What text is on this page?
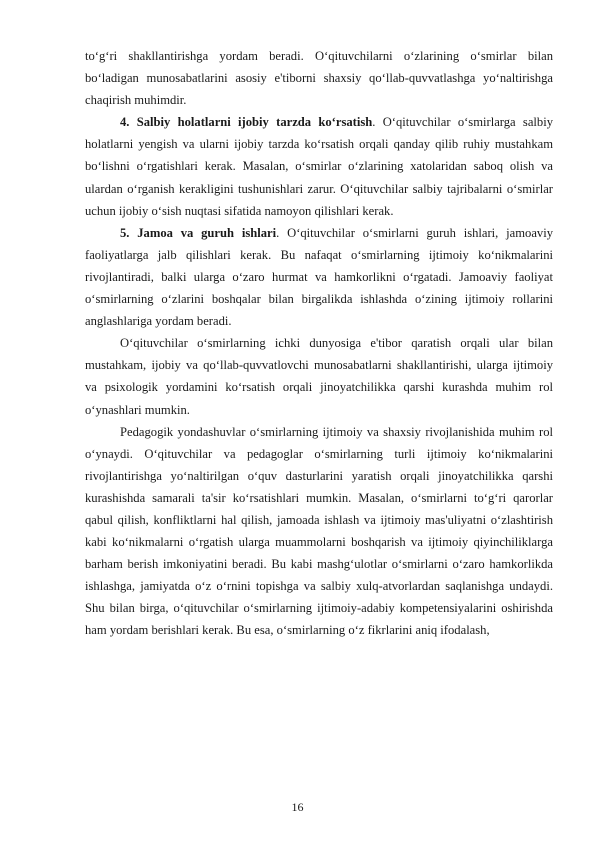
to‘g‘ri shakllantirishga yordam beradi. O‘qituvchilarni o‘zlarining o‘smirlar bilan bo‘ladigan munosabatlarini asosiy e'tiborni shaxsiy qo‘llab-quvvatlashga yo‘naltirishga chaqirish muhimdir.

4. Salbiy holatlarni ijobiy tarzda ko‘rsatish. O‘qituvchilar o‘smirlarga salbiy holatlarni yengish va ularni ijobiy tarzda ko‘rsatish orqali qanday qilib ruhiy mustahkam bo‘lishni o‘rgatishlari kerak. Masalan, o‘smirlar o‘zlarining xatolaridan saboq olish va ulardan o‘rganish kerakligini tushunishlari zarur. O‘qituvchilar salbiy tajribalarni o‘smirlar uchun ijobiy o‘sish nuqtasi sifatida namoyon qilishlari kerak.

5. Jamoa va guruh ishlari. O‘qituvchilar o‘smirlarni guruh ishlari, jamoaviy faoliyatlarga jalb qilishlari kerak. Bu nafaqat o‘smirlarning ijtimoiy ko‘nikmalarini rivojlantiradi, balki ularga o‘zaro hurmat va hamkorlikni o‘rgatadi. Jamoaviy faoliyat o‘smirlarning o‘zlarini boshqalar bilan birgalikda ishlashda o‘zining ijtimoiy rollarini anglashlariga yordam beradi.

O‘qituvchilar o‘smirlarning ichki dunyosiga e'tibor qaratish orqali ular bilan mustahkam, ijobiy va qo‘llab-quvvatlovchi munosabatlarni shakllantirishi, ularga ijtimoiy va psixologik yordamini ko‘rsatish orqali jinoyatchilikka qarshi kurashda muhim rol o‘ynashlari mumkin.

Pedagogik yondashuvlar o‘smirlarning ijtimoiy va shaxsiy rivojlanishida muhim rol o‘ynaydi. O‘qituvchilar va pedagoglar o‘smirlarning turli ijtimoiy ko‘nikmalarini rivojlantirishga yo‘naltirilgan o‘quv dasturlarini yaratish orqali jinoyatchilikka qarshi kurashishda samarali ta'sir ko‘rsatishlari mumkin. Masalan, o‘smirlarni to‘g‘ri qarorlar qabul qilish, konfliktlarni hal qilish, jamoada ishlash va ijtimoiy mas'uliyatni o‘zlashtirish kabi ko‘nikmalarni o‘rgatish ularga muammolarni boshqarish va ijtimoiy qiyinchiliklarga barham berish imkoniyatini beradi. Bu kabi mashg‘ulotlar o‘smirlarni o‘zaro hamkorlikda ishlashga, jamiyatda o‘z o‘rnini topishga va salbiy xulq-atvorlardan saqlanishga undaydi. Shu bilan birga, o‘qituvchilar o‘smirlarning ijtimoiy-adabiy kompetensiyalarini oshirishda ham yordam berishlari kerak. Bu esa, o‘smirlarning o‘z fikrlarini aniq ifodalash,

16
